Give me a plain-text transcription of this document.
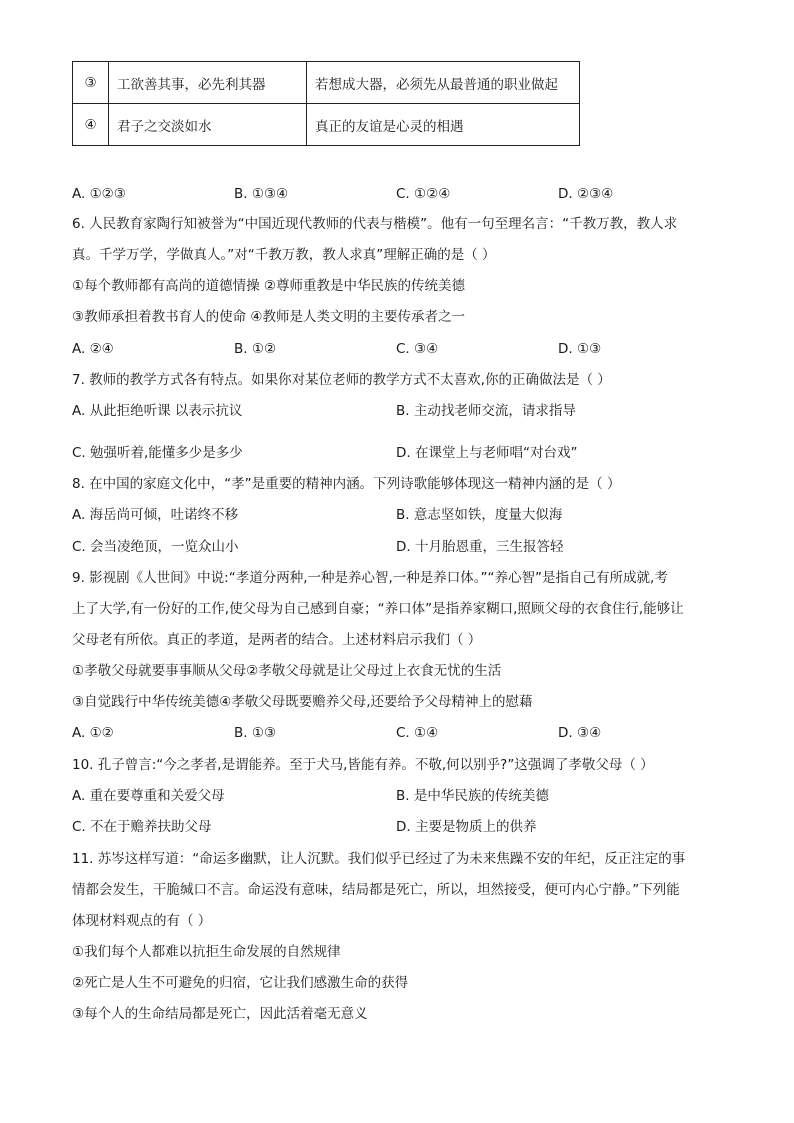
③	工欲善其事，必先利其器	若想成大器，必须先从最普通的职业做起
④	君子之交淡如水	真正的友谊是心灵的相遇
A. ①②③	B. ①③④	C. ①②④	D. ②③④
6. 人民教育家陶行知被誉为“中国近现代教师的代表与楷模”。他有一句至理名言：“千教万教，教人求
真。千学万学，学做真人。”对“千教万教，教人求真”理解正确的是（ ）
①每个教师都有高尚的道德情操 ②尊师重教是中华民族的传统美德
③教师承担着教书育人的使命 ④教师是人类文明的主要传承者之一
A. ②④	B. ①②	C. ③④	D. ①③
7. 教师的教学方式各有特点。如果你对某位老师的教学方式不太喜欢,你的正确做法是（ ）
A. 从此拒绝听课 以表示抗议	B. 主动找老师交流，请求指导
C. 勉强听着,能懂多少是多少	D. 在课堂上与老师唱“对台戏”
8. 在中国的家庭文化中，“孝”是重要的精神内涵。下列诗歌能够体现这一精神内涵的是（ ）
A. 海岳尚可倾，吐诺终不移	B. 意志坚如铁，度量大似海
C. 会当凌绝顶，一览众山小	D. 十月胎恩重，三生报答轻
9. 影视剧《人世间》中说:“孝道分两种,一种是养心智,一种是养口体。”“养心智”是指自己有所成就,考
上了大学,有一份好的工作,使父母为自己感到自豪；“养口体”是指养家糊口,照顾父母的衣食住行,能够让
父母老有所依。真正的孝道，是两者的结合。上述材料启示我们（ ）
①孝敬父母就要事事顺从父母②孝敬父母就是让父母过上衣食无忧的生活
③自觉践行中华传统美德④孝敬父母既要赡养父母,还要给予父母精神上的慰藉
A. ①②	B. ①③	C. ①④	D. ③④
10. 孔子曾言:“今之孝者,是谓能养。至于犬马,皆能有养。不敬,何以别乎?”这强调了孝敬父母（ ）
A. 重在要尊重和关爱父母	B. 是中华民族的传统美德
C. 不在于赡养扶助父母	D. 主要是物质上的供养
11. 苏岑这样写道：“命运多幽默，让人沉默。我们似乎已经过了为未来焦躁不安的年纪，反正注定的事
情都会发生，干脆缄口不言。命运没有意味，结局都是死亡，所以，坦然接受，便可内心宁静。”下列能
体现材料观点的有（ ）
①我们每个人都难以抗拒生命发展的自然规律
②死亡是人生不可避免的归宿，它让我们感激生命的获得
③每个人的生命结局都是死亡，因此活着毫无意义
